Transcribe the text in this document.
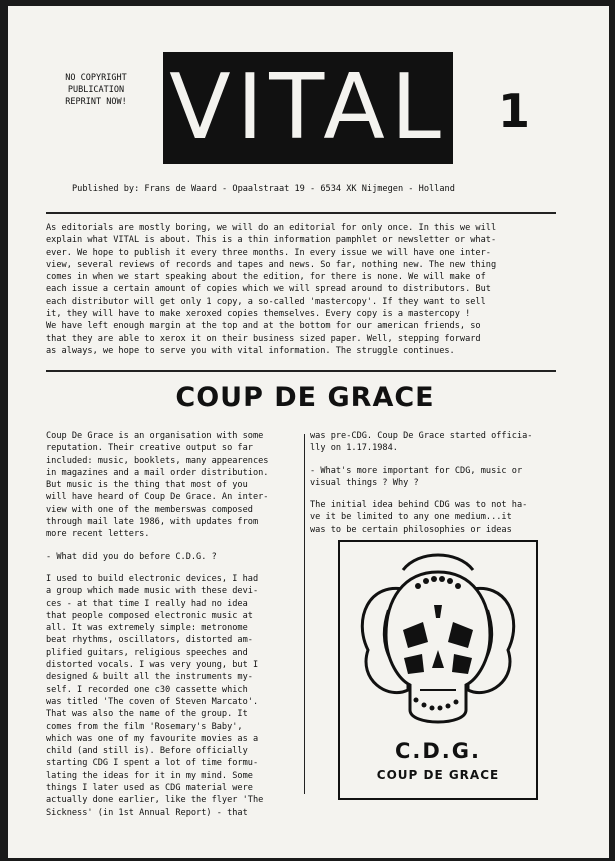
NO COPYRIGHT
PUBLICATION
REPRINT NOW! VITAL 1
Published by: Frans de Waard - Opaalstraat 19 - 6534 XK Nijmegen - Holland
As editorials are mostly boring, we will do an editorial for only once. In this we will
explain what VITAL is about. This is a thin information pamphlet or newsletter or what-
ever. We hope to publish it every three months. In every issue we will have one inter-
view, several reviews of records and tapes and news. So far, nothing new. The new thing
comes in when we start speaking about the edition, for there is none. We will make of
each issue a certain amount of copies which we will spread around to distributors. But
each distributor will get only 1 copy, a so-called 'mastercopy'. If they want to sell
it, they will have to make xeroxed copies themselves. Every copy is a mastercopy !
We have left enough margin at the top and at the bottom for our american friends, so
that they are able to xerox it on their business sized paper. Well, stepping forward
as always, we hope to serve you with vital information. The struggle continues.
COUP DE GRACE
Coup De Grace is an organisation with some
reputation. Their creative output so far
included: music, booklets, many appearences
in magazines and a mail order distribution.
But music is the thing that most of you
will have heard of Coup De Grace. An inter-
view with one of the memberswas composed
through mail late 1986, with updates from
more recent letters.
- What did you do before C.D.G. ?
I used to build electronic devices, I had
a group which made music with these devi-
ces - at that time I really had no idea
that people composed electronic music at
all. It was extremely simple: metronome
beat rhythms, oscillators, distorted am-
plified guitars, religious speeches and
distorted vocals. I was very young, but I
designed & built all the instruments my-
self. I recorded one c30 cassette which
was titled 'The coven of Steven Marcato'.
That was also the name of the group. It
comes from the film 'Rosemary's Baby',
which was one of my favourite movies as a
child (and still is). Before officially
starting CDG I spent a lot of time formu-
lating the ideas for it in my mind. Some
things I later used as CDG material were
actually done earlier, like the flyer 'The
Sickness' (in 1st Annual Report) - that
was pre-CDG. Coup De Grace started officia-
lly on 1.17.1984.
- What's more important for CDG, music or
visual things ? Why ?
The initial idea behind CDG was to not ha-
ve it be limited to any one medium...it
was to be certain philosophies or ideas
C.D.G.
COUP DE GRACE
